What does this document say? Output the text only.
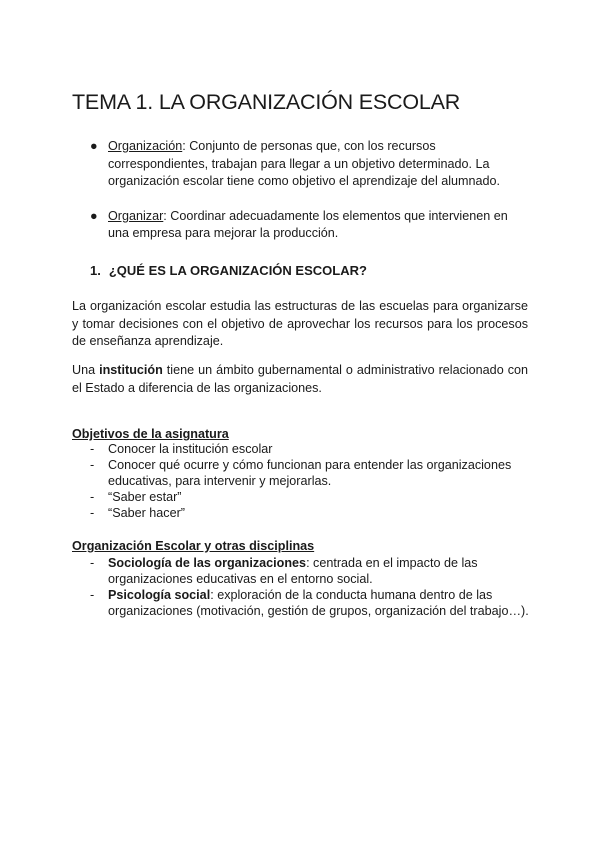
TEMA 1. LA ORGANIZACIÓN ESCOLAR
● Organización: Conjunto de personas que, con los recursos correspondientes, trabajan para llegar a un objetivo determinado. La organización escolar tiene como objetivo el aprendizaje del alumnado.
● Organizar: Coordinar adecuadamente los elementos que intervienen en una empresa para mejorar la producción.
1. ¿QUÉ ES LA ORGANIZACIÓN ESCOLAR?

La organización escolar estudia las estructuras de las escuelas para organizarse y tomar decisiones con el objetivo de aprovechar los recursos para los procesos de enseñanza aprendizaje.

Una institución tiene un ámbito gubernamental o administrativo relacionado con el Estado a diferencia de las organizaciones.

Objetivos de la asignatura

- Conocer la institución escolar
- Conocer qué ocurre y cómo funcionan para entender las organizaciones educativas, para intervenir y mejorarlas.
- “Saber estar”
- “Saber hacer”

Organización Escolar y otras disciplinas

- Sociología de las organizaciones: centrada en el impacto de las organizaciones educativas en el entorno social.
- Psicología social: exploración de la conducta humana dentro de las organizaciones (motivación, gestión de grupos, organización del trabajo…).
